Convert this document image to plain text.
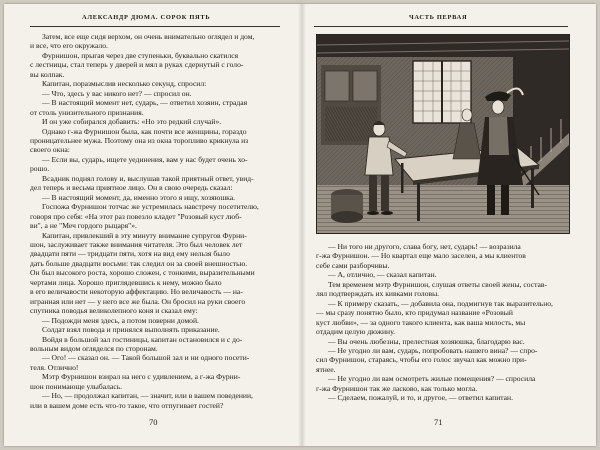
АЛЕКСАНДР ДЮМА. СОРОК ПЯТЬ
Затем, все еще сидя верхом, он очень внимательно оглядел и дом,
и все, что его окружало.
Фурнишон, прыгая через две ступеньки, буквально скатился
с лестницы, стал теперь у дверей и мял в руках сдернутый с голо-
вы колпак.
Капитан, поразмыслив несколько секунд, спросил:
— Что, здесь у вас никого нет? — спросил он.
— В настоящий момент нет, сударь, — ответил хозяин, страдая
от столь унизительного признания.
И он уже собирался добавить: «Но это редкий случай».
Однако г-жа Фурнишон была, как почти все женщины, гораздо
проницательнее мужа. Поэтому она из окна торопливо крикнула из
своего окна:
— Если вы, сударь, ищете уединения, вам у нас будет очень хо-
рошо.
Всадник поднял голову и, выслушав такой приятный ответ, увид-
дел теперь и весьма приятное лицо. Он в свою очередь сказал:
— В настоящий момент, да, именно этого я ищу, хозяюшка.
Госпожа Фурнишон тотчас же устремилась навстречу посетителю,
говоря про себя: «На этот раз повезло кладет "Розовый куст люб-
ви", а не "Меч гордого рыцаря"».
Капитан, привлекший в эту минуту внимание супругов Фурни-
шон, заслуживает также внимания читателя. Это был человек лет
двадцати пяти — тридцати пяти, хотя на вид ему нельзя было
дать больше двадцати восьми: так следил он за своей внешностью.
Он был высокого роста, хорошо сложен, с тонкими, выразительными
чертами лица. Хорошо приглядевшись к нему, можно было
в его величавости некоторую аффектацию. Но величавость — на-
игранная или нет — у него все же была. Он бросил на руки своего
спутника поводья великолепного коня и сказал ему:
— Подожди меня здесь, а потом поверни домой.
Солдат взял повода и принялся выполнять приказание.
Войдя в большой зал гостиницы, капитан остановился и с до-
вольным видом огляделся по сторонам.
— Ого! — сказал он. — Такой большой зал и ни одного посети-
теля. Отлично!
Мэтр Фурнишон взирал на него с удивлением, а г-жа Фурни-
шон понимающе улыбалась.
— Но, — продолжал капитан, — значит, или в вашем поведении,
или в вашем доме есть что-то такое, что отпугивает гостей?
70
ЧАСТЬ ПЕРВАЯ
— Ни того ни другого, слава богу, нет, сударь! — возразила
г-жа Фурнишон. — Но квартал еще мало заселен, а мы клиентов
себе сами разборчивы.
— А, отлично, — сказал капитан.
Тем временем мэтр Фурнишон, слушая ответы своей жены, состав-
лял подтверждать их кивками головы.
— К примеру сказать, — добавила она, подмигнув так выразительно,
— мы сразу понятно было, кто придумал название «Розовый
куст любви», — за одного такого клиента, как ваша милость, мы
отдадим целую дюжину.
— Вы очень любезны, прелестная хозяюшка, благодарю вас.
— Не угодно ли вам, сударь, попробовать нашего вина? — спро-
сил Фурнишон, стараясь, чтобы его голос звучал как можно при-
ятнее.
— Не угодно ли вам осмотреть жилые помещения? — спросила
г-жа Фурнишон так же ласково, как только могла.
— Сделаем, пожалуй, и то, и другое, — ответил капитан.
71
